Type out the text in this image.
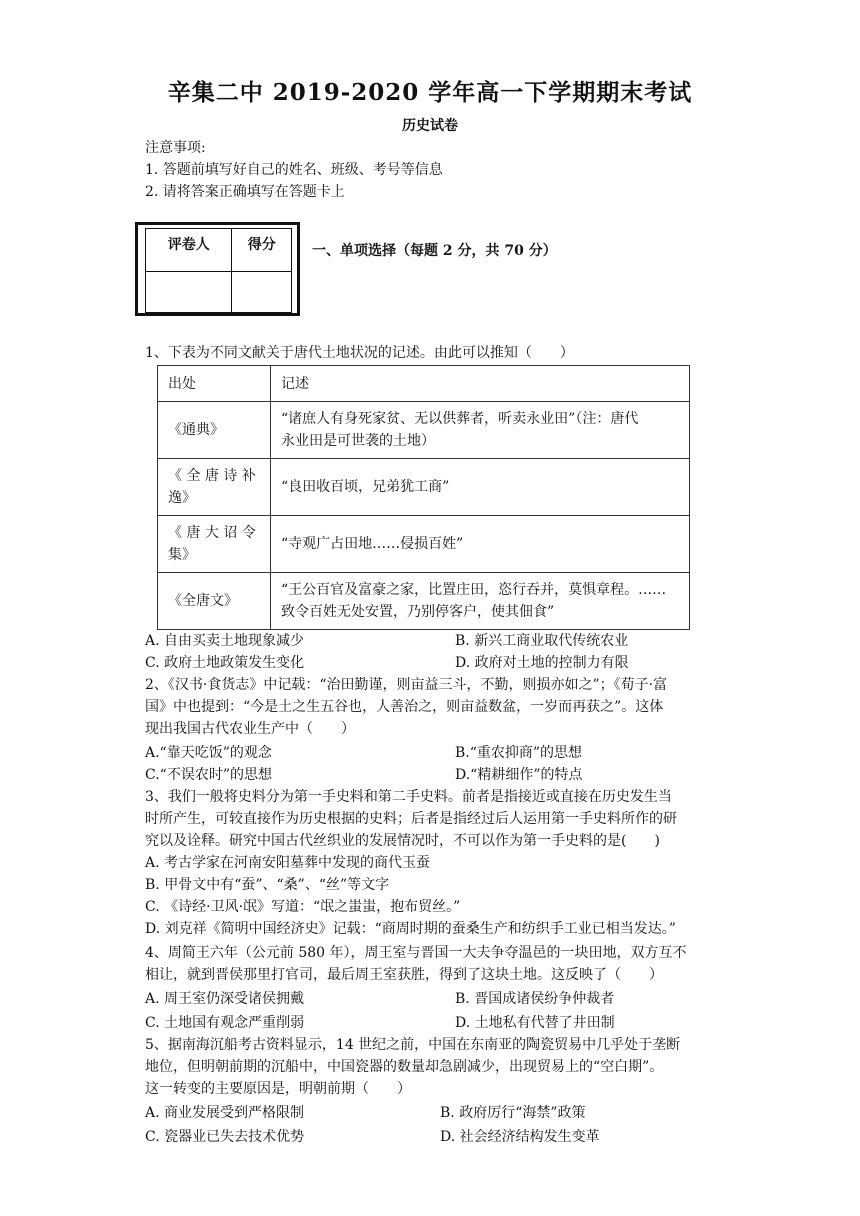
辛集二中 2019-2020 学年高一下学期期末考试
历史试卷
注意事项:
1. 答题前填写好自己的姓名、班级、考号等信息
2. 请将答案正确填写在答题卡上
评卷人	得分
		一、单项选择（每题 2 分，共 70 分）
1、下表为不同文献关于唐代土地状况的记述。由此可以推知（　　）
出处	记述
《通典》	“诸庶人有身死家贫、无以供葬者，听卖永业田”（注：唐代
永业田是可世袭的土地）

《 全 唐 诗 补
逸》	“良田收百顷，兄弟犹工商”

《 唐 大 诏 令
集》	“寺观广占田地……侵损百姓”
《全唐文》	“王公百官及富豪之家，比置庄田，恣行吞并，莫惧章程。……
致令百姓无处安置，乃别停客户，使其佃食”
A. 自由买卖土地现象减少	B. 新兴工商业取代传统农业
C. 政府土地政策发生变化	D. 政府对土地的控制力有限
2、《汉书·食货志》中记载：“治田勤谨，则亩益三斗，不勤，则损亦如之”；《荀子·富
国》中也提到：“今是土之生五谷也，人善治之，则亩益数盆，一岁而再获之”。这体
现出我国古代农业生产中（　　）
A.“靠天吃饭”的观念	B.“重农抑商”的思想
C.“不误农时”的思想	D.“精耕细作”的特点
3、我们一般将史料分为第一手史料和第二手史料。前者是指接近或直接在历史发生当
时所产生，可较直接作为历史根据的史料；后者是指经过后人运用第一手史料所作的研
究以及诠释。研究中国古代丝织业的发展情况时，不可以作为第一手史料的是(　　)
A. 考古学家在河南安阳墓葬中发现的商代玉蚕
B. 甲骨文中有“蚕”、“桑”、“丝”等文字
C. 《诗经·卫风·氓》写道：“氓之蚩蚩，抱布贸丝。”
D. 刘克祥《简明中国经济史》记载：“商周时期的蚕桑生产和纺织手工业已相当发达。”
4、周简王六年（公元前 580 年），周王室与晋国一大夫争夺温邑的一块田地，双方互不
相让，就到晋侯那里打官司，最后周王室获胜，得到了这块土地。这反映了（　　）
A. 周王室仍深受诸侯拥戴	B. 晋国成诸侯纷争仲裁者
C. 土地国有观念严重削弱	D. 土地私有代替了井田制
5、据南海沉船考古资料显示，14 世纪之前，中国在东南亚的陶瓷贸易中几乎处于垄断
地位，但明朝前期的沉船中，中国瓷器的数量却急剧减少，出现贸易上的“空白期”。
这一转变的主要原因是，明朝前期（　　）
A. 商业发展受到严格限制	B. 政府厉行“海禁”政策
C. 瓷器业已失去技术优势	D. 社会经济结构发生变革
